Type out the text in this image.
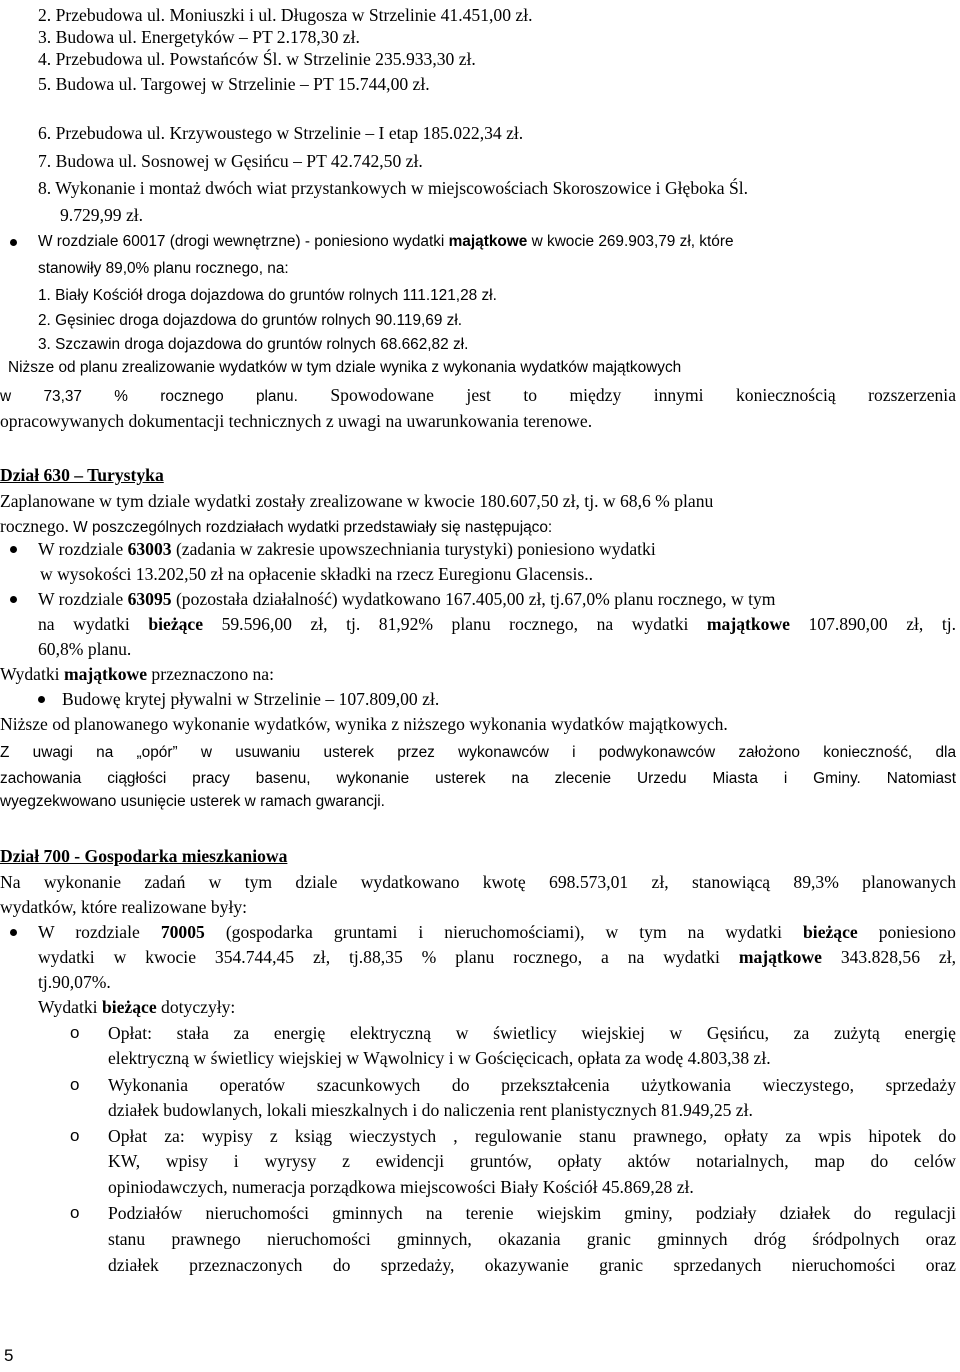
2. Przebudowa ul. Moniuszki i ul. Długosza w Strzelinie 41.451,00 zł.
3. Budowa ul. Energetyków – PT 2.178,30 zł.
4. Przebudowa ul. Powstańców Śl. w Strzelinie 235.933,30 zł.
5. Budowa ul. Targowej w Strzelinie – PT 15.744,00 zł.
6. Przebudowa ul. Krzywoustego w Strzelinie – I etap 185.022,34 zł.
7. Budowa ul. Sosnowej w Gęsińcu – PT 42.742,50 zł.
8. Wykonanie i montaż dwóch wiat przystankowych w miejscowościach Skoroszowice i Głęboka Śl.
9.729,99 zł.
W rozdziale 60017 (drogi wewnętrzne) - poniesiono wydatki majątkowe w kwocie 269.903,79 zł, które
stanowiły 89,0% planu rocznego, na:
1. Biały Kościół droga dojazdowa do gruntów rolnych 111.121,28 zł.
2. Gęsiniec droga dojazdowa do gruntów rolnych 90.119,69 zł.
3. Szczawin droga dojazdowa do gruntów rolnych 68.662,82 zł.
Niższe od planu zrealizowanie wydatków w tym dziale wynika z wykonania wydatków majątkowych
w 73,37 % rocznego planu. Spowodowane jest to między innymi koniecznością rozszerzenia
opracowywanych dokumentacji technicznych z uwagi na uwarunkowania terenowe.
Dział 630 – Turystyka
Zaplanowane w tym dziale wydatki zostały zrealizowane w kwocie 180.607,50 zł, tj. w 68,6 % planu
rocznego. W poszczególnych rozdziałach wydatki przedstawiały się następująco:
W rozdziale 63003 (zadania w zakresie upowszechniania turystyki) poniesiono wydatki
w wysokości 13.202,50 zł na opłacenie składki na rzecz Euregionu Glacensis..
W rozdziale 63095 (pozostała działalność) wydatkowano 167.405,00 zł, tj.67,0% planu rocznego, w tym
na wydatki bieżące 59.596,00 zł, tj. 81,92% planu rocznego, na wydatki majątkowe 107.890,00 zł, tj.
60,8% planu.
Wydatki majątkowe przeznaczono na:
Budowę krytej pływalni w Strzelinie – 107.809,00 zł.
Niższe od planowanego wykonanie wydatków, wynika z niższego wykonania wydatków majątkowych.
Z uwagi na „opór” w usuwaniu usterek przez wykonawców i podwykonawców założono konieczność, dla
zachowania ciągłości pracy basenu, wykonanie usterek na zlecenie Urzedu Miasta i Gminy. Natomiast
wyegzekwowano usunięcie usterek w ramach gwarancji.
Dział 700 - Gospodarka mieszkaniowa
Na wykonanie zadań w tym dziale wydatkowano kwotę 698.573,01 zł, stanowiącą 89,3% planowanych
wydatków, które realizowane były:
W rozdziale 70005 (gospodarka gruntami i nieruchomościami), w tym na wydatki bieżące poniesiono
wydatki w kwocie 354.744,45 zł, tj.88,35 % planu rocznego, a na wydatki majątkowe 343.828,56 zł,
tj.90,07%.
Wydatki bieżące dotyczyły:
o Opłat: stała za energię elektryczną w świetlicy wiejskiej w Gęsińcu, za zużytą energię
elektryczną w świetlicy wiejskiej w Wąwolnicy i w Gościęcicach, opłata za wodę 4.803,38 zł.
o Wykonania operatów szacunkowych do przekształcenia użytkowania wieczystego, sprzedaży
działek budowlanych, lokali mieszkalnych i do naliczenia rent planistycznych 81.949,25 zł.
o Opłat za: wypisy z ksiąg wieczystych , regulowanie stanu prawnego, opłaty za wpis hipotek do
KW, wpisy i wyrysy z ewidencji gruntów, opłaty aktów notarialnych, map do celów
opiniodawczych, numeracja porządkowa miejscowości Biały Kościół 45.869,28 zł.
o Podziałów nieruchomości gminnych na terenie wiejskim gminy, podziały działek do regulacji
stanu prawnego nieruchomości gminnych, okazania granic gminnych dróg śródpolnych oraz
działek przeznaczonych do sprzedaży, okazywanie granic sprzedanych nieruchomości oraz
5
